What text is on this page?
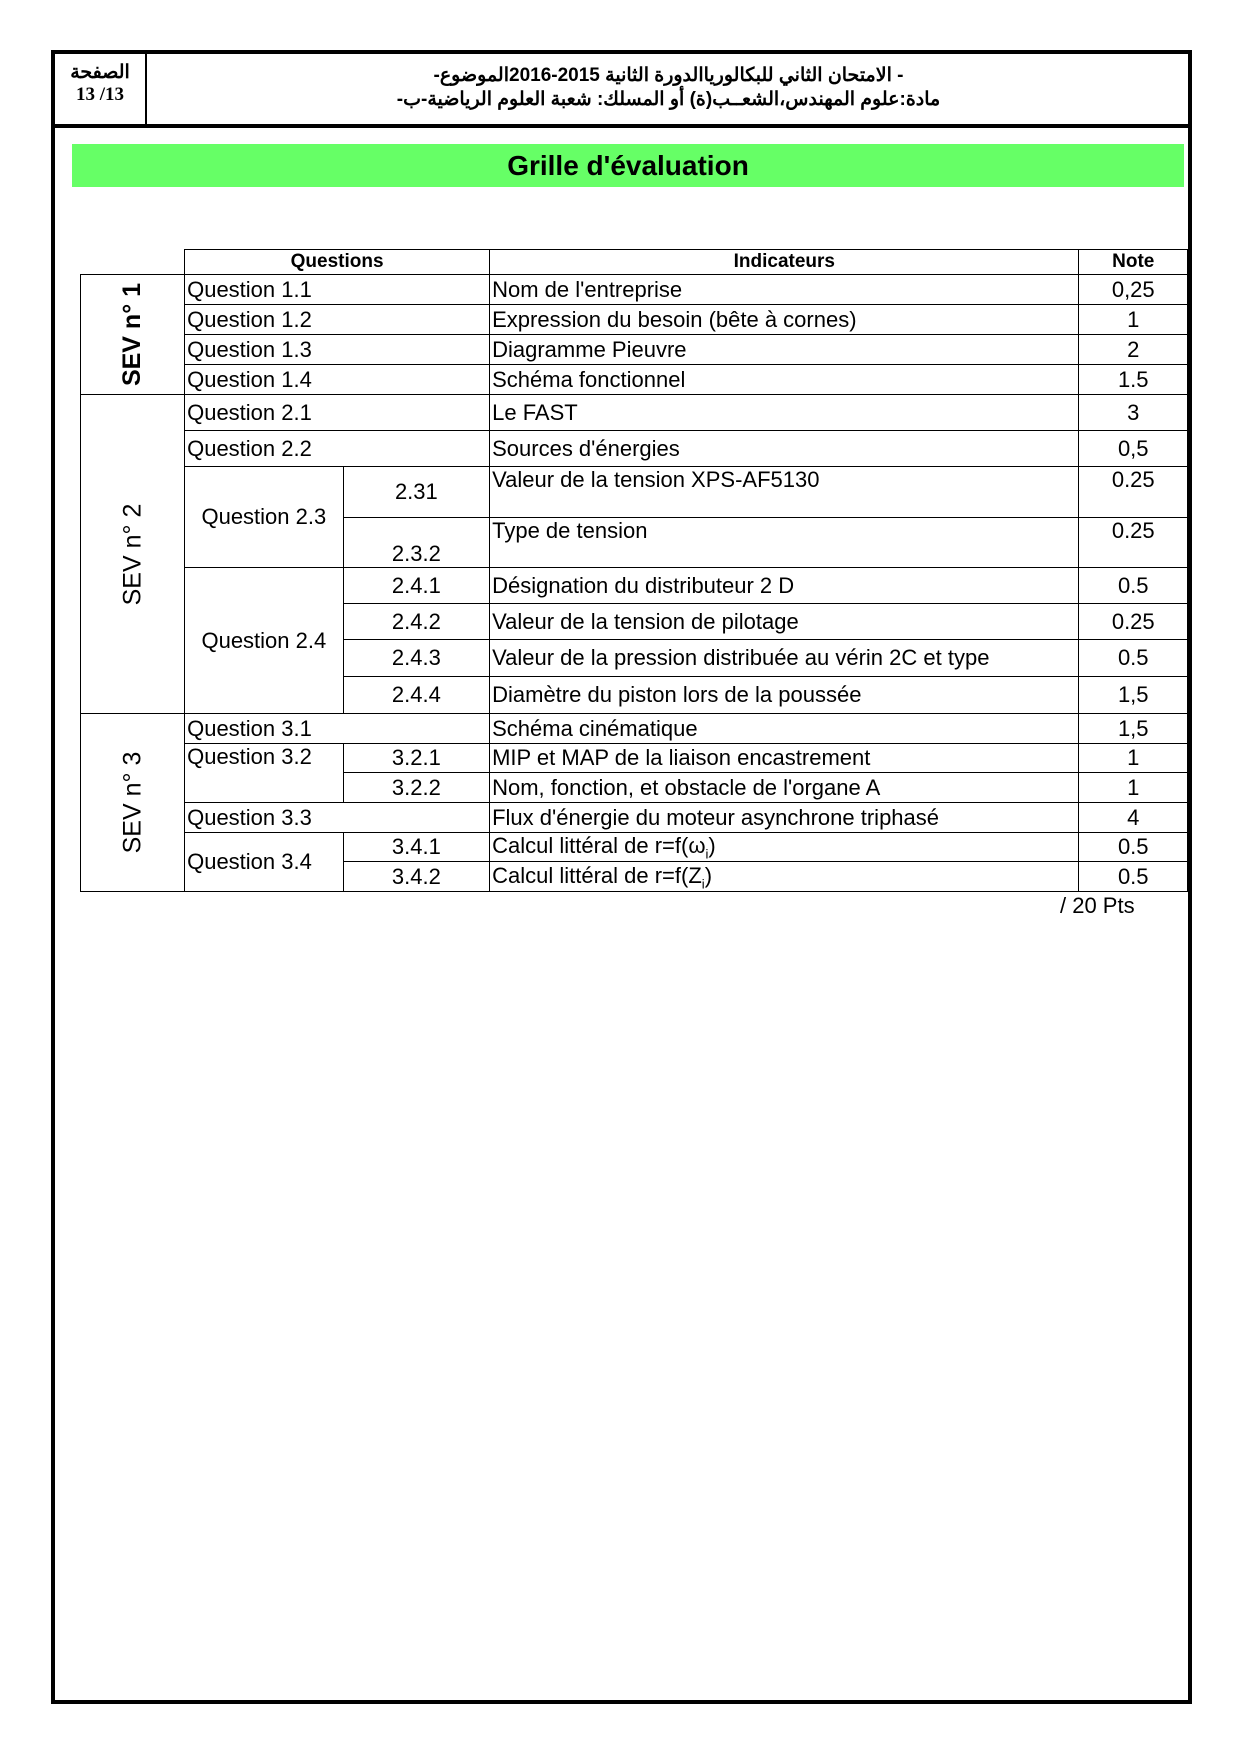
الصفحة
13 /13
- الامتحان الثاني للبكالورياالدورة الثانية 2015-2016الموضوع-
مادة:علوم المهندس،الشعــب(ة) أو المسلك: شعبة العلوم الرياضية-ب-
Grille d'évaluation
	Questions		Indicateurs	Note
SEV n° 1	Question 1.1		Nom de l'entreprise	0,25
	Question 1.2		Expression du besoin (bête à cornes)	1
	Question 1.3		Diagramme Pieuvre	2
	Question 1.4		Schéma fonctionnel	1.5
SEV n° 2	Question 2.1		Le FAST	3
	Question 2.2		Sources d'énergies	0,5
	Question 2.3	2.31	Valeur de la tension XPS-AF5130	0.25
		2.3.2	Type de tension	0.25
	Question 2.4	2.4.1	Désignation du distributeur 2 D	0.5
		2.4.2	Valeur de la tension de pilotage	0.25
		2.4.3	Valeur de la pression distribuée au vérin 2C et type	0.5
		2.4.4	Diamètre du piston lors de la poussée	1,5
SEV n° 3	Question 3.1		Schéma cinématique	1,5
	Question 3.2	3.2.1	MIP et MAP de la liaison encastrement	1
		3.2.2	Nom, fonction, et obstacle de l'organe A	1
	Question 3.3		Flux d'énergie du moteur asynchrone triphasé	4
	Question 3.4	3.4.1	Calcul littéral de $r=f(\omega_i)$	0.5
		3.4.2	Calcul littéral de $r=f(Z_i)$	0.5
/ 20 Pts
